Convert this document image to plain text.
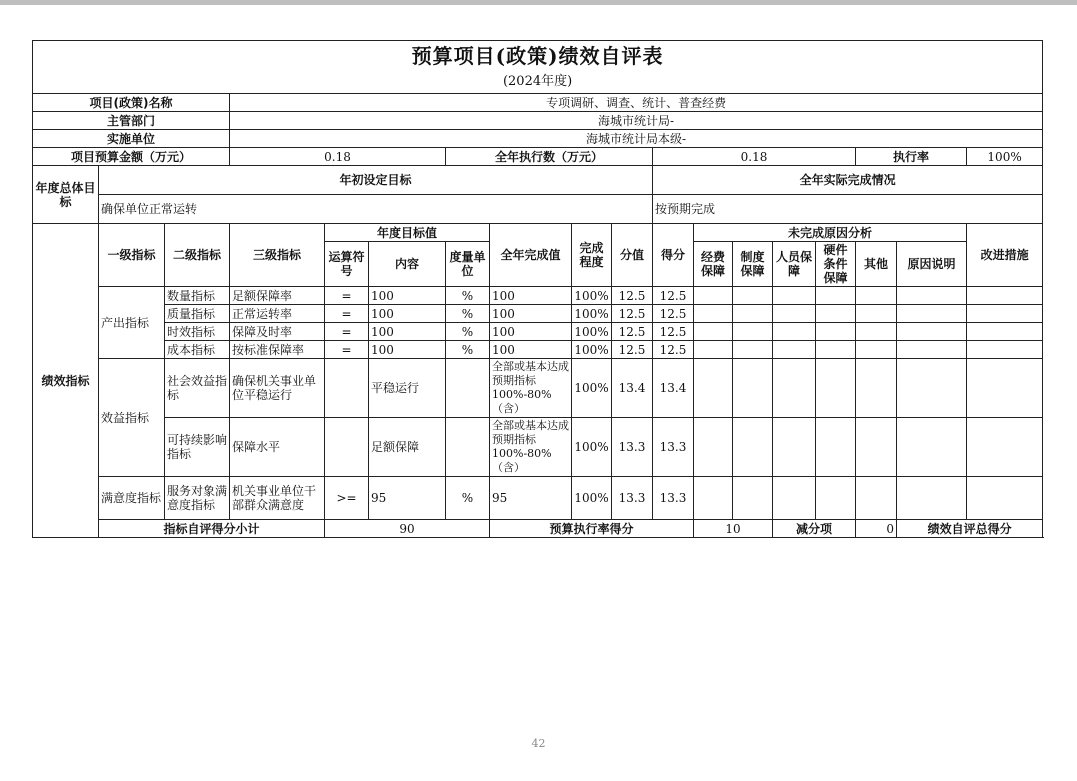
预算项目(政策)绩效自评表																		
(2024年度)																		
项目(政策)名称			专项调研、调查、统计、普查经费															
主管部门			海城市统计局-															
实施单位			海城市统计局本级-															
项目预算金额（万元）			0.18			全年执行数（万元）				0.18					执行率		100%	
年度总体目标	年初设定目标									全年实际完成情况								
	确保单位正常运转									按预期完成								
绩效指标	一级指标	二级指标	三级指标	年度目标值			全年完成值	完成程度	分值	得分	未完成原因分析						改进措施	
				运算符号	内容	度量单位					经费保障	制度保障	人员保障	硬件条件保障	其他	原因说明		
	产出指标	数量指标	足额保障率	=	100	%	100	100%	12.5	12.5								
		质量指标	正常运转率	=	100	%	100	100%	12.5	12.5								
		时效指标	保障及时率	=	100	%	100	100%	12.5	12.5								
		成本指标	按标准保障率	=	100	%	100	100%	12.5	12.5								
	效益指标	社会效益指标	确保机关事业单位平稳运行		平稳运行		全部或基本达成预期指标100%-80%（含）	100%	13.4	13.4								
		可持续影响指标	保障水平		足额保障		全部或基本达成预期指标100%-80%（含）	100%	13.3	13.3								
	满意度指标	服务对象满意度指标	机关事业单位干部群众满意度	>=	95	%	95	100%	13.3	13.3								
	指标自评得分小计			90			预算执行率得分				10		减分项		0	绩效自评总得分	
42
